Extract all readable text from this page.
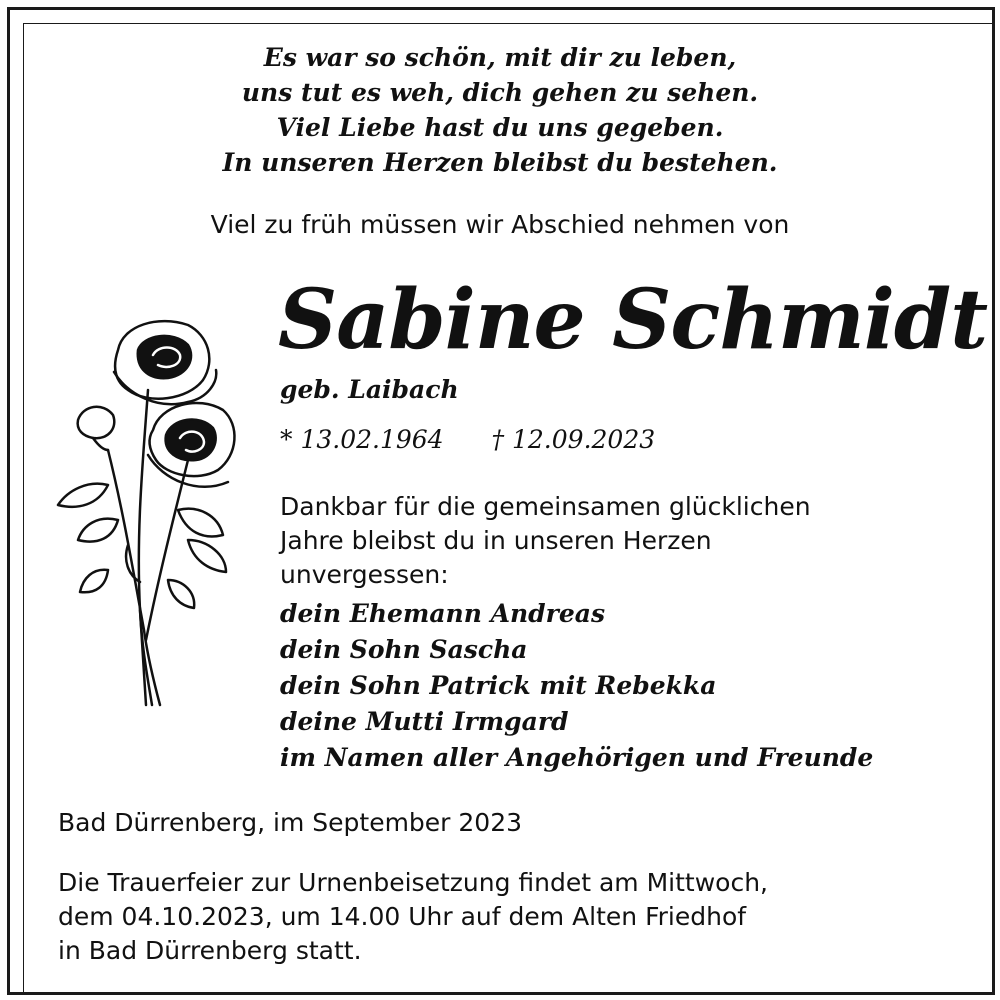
Es war so schön, mit dir zu leben,
uns tut es weh, dich gehen zu sehen.
Viel Liebe hast du uns gegeben.
In unseren Herzen bleibst du bestehen.
Viel zu früh müssen wir Abschied nehmen von
Sabine Schmidt
geb. Laibach
* 13.02.1964 † 12.09.2023
Dankbar für die gemeinsamen glücklichen
Jahre bleibst du in unseren Herzen
unvergessen:
dein Ehemann Andreas
dein Sohn Sascha
dein Sohn Patrick mit Rebekka
deine Mutti Irmgard
im Namen aller Angehörigen und Freunde
Bad Dürrenberg, im September 2023
Die Trauerfeier zur Urnenbeisetzung findet am Mittwoch,
dem 04.10.2023, um 14.00 Uhr auf dem Alten Friedhof
in Bad Dürrenberg statt.
